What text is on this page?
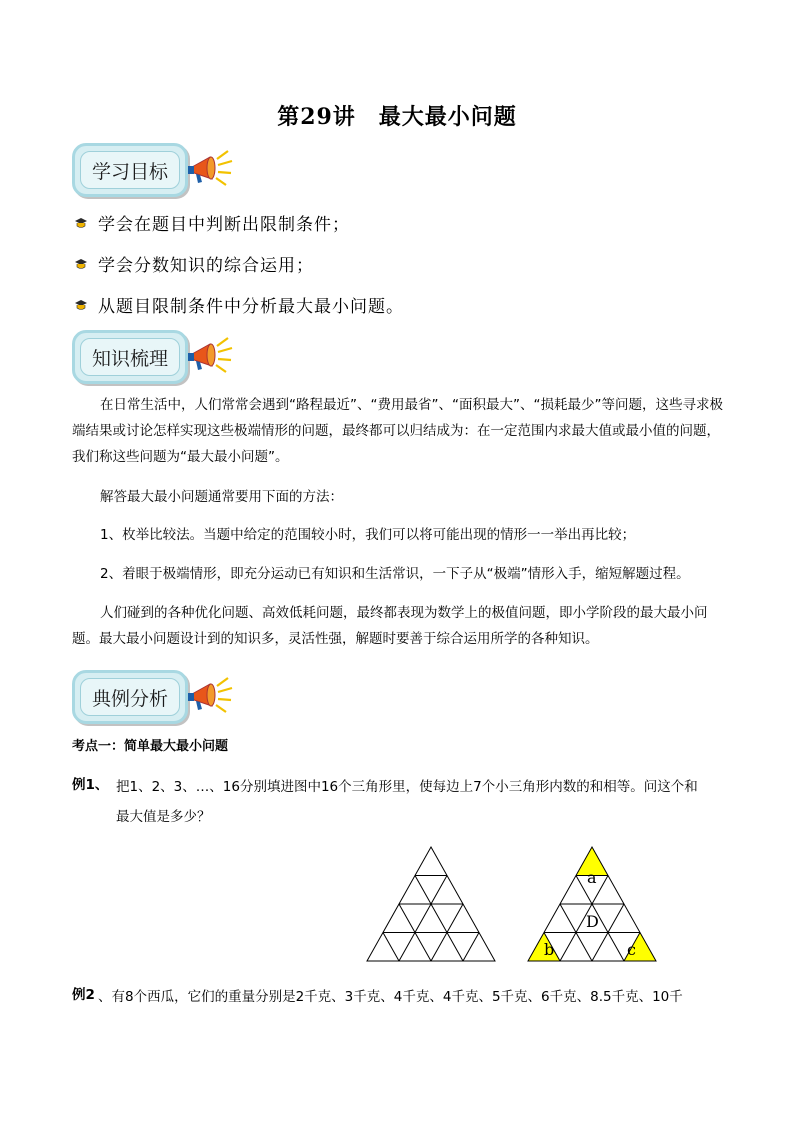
第29讲　最大最小问题
学习目标
学会在题目中判断出限制条件；
学会分数知识的综合运用；
从题目限制条件中分析最大最小问题。
知识梳理
在日常生活中，人们常常会遇到“路程最近”、“费用最省”、“面积最大”、“损耗最少”等问题，这些寻求极端结果或讨论怎样实现这些极端情形的问题，最终都可以归结成为：在一定范围内求最大值或最小值的问题，我们称这些问题为“最大最小问题”。
解答最大最小问题通常要用下面的方法：
1、枚举比较法。当题中给定的范围较小时，我们可以将可能出现的情形一一举出再比较；
2、着眼于极端情形，即充分运动已有知识和生活常识，一下子从“极端”情形入手，缩短解题过程。
人们碰到的各种优化问题、高效低耗问题，最终都表现为数学上的极值问题，即小学阶段的最大最小问题。最大最小问题设计到的知识多，灵活性强，解题时要善于综合运用所学的各种知识。
典例分析
考点一：简单最大最小问题
例1、 把1、2、3、…、16分别填进图中16个三角形里，使每边上7个小三角形内数的和相等。问这个和
最大值是多少？
a
D
b	c
例2 、有8个西瓜，它们的重量分别是2千克、3千克、4千克、4千克、5千克、6千克、8.5千克、10千
